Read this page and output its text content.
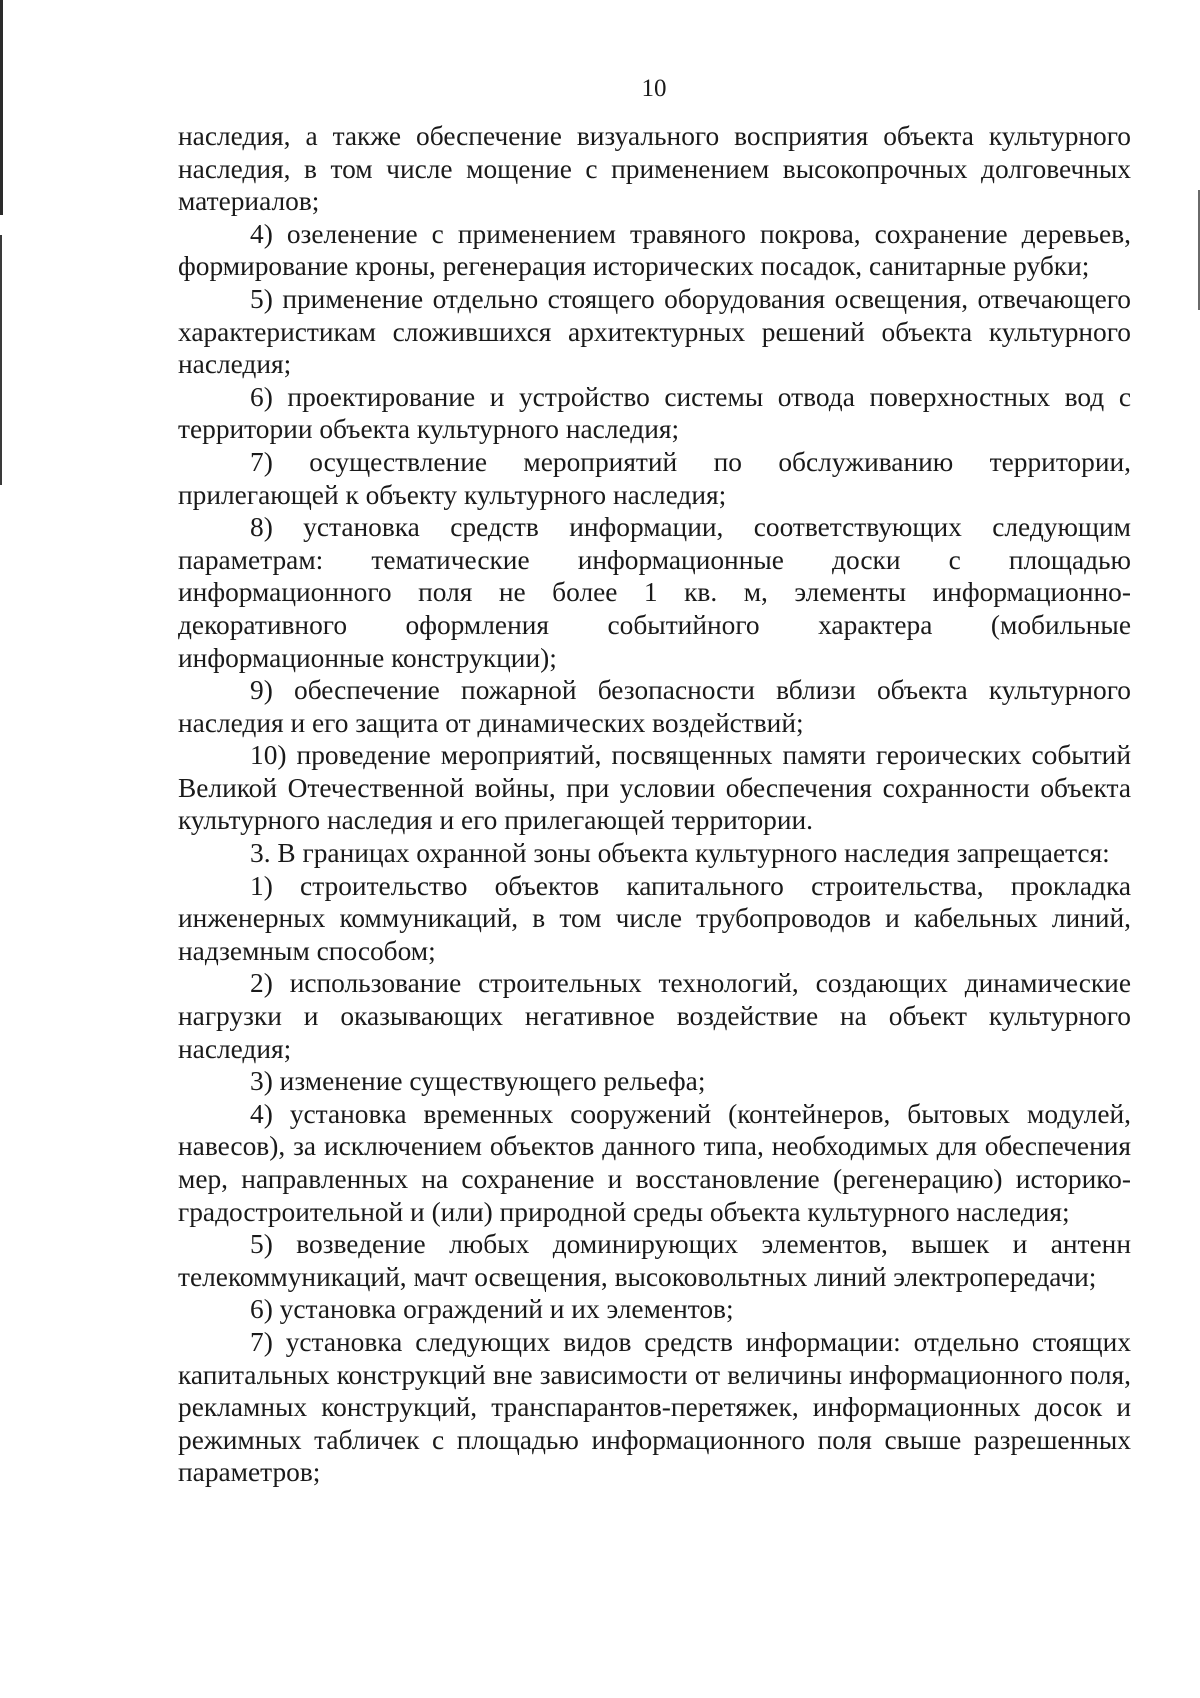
10

наследия, а также обеспечение визуального восприятия объекта культурного наследия, в том числе мощение с применением высокопрочных долговечных материалов;

4) озеленение с применением травяного покрова, сохранение деревьев, формирование кроны, регенерация исторических посадок, санитарные рубки;

5) применение отдельно стоящего оборудования освещения, отвечающего характеристикам сложившихся архитектурных решений объекта культурного наследия;

6) проектирование и устройство системы отвода поверхностных вод с территории объекта культурного наследия;

7) осуществление мероприятий по обслуживанию территории, прилегающей к объекту культурного наследия;

8) установка средств информации, соответствующих следующим параметрам: тематические информационные доски с площадью информационного поля не более 1 кв. м, элементы информационно-декоративного оформления событийного характера (мобильные информационные конструкции);

9) обеспечение пожарной безопасности вблизи объекта культурного наследия и его защита от динамических воздействий;

10) проведение мероприятий, посвященных памяти героических событий Великой Отечественной войны, при условии обеспечения сохранности объекта культурного наследия и его прилегающей территории.

3. В границах охранной зоны объекта культурного наследия запрещается:

1) строительство объектов капитального строительства, прокладка инженерных коммуникаций, в том числе трубопроводов и кабельных линий, надземным способом;

2) использование строительных технологий, создающих динамические нагрузки и оказывающих негативное воздействие на объект культурного наследия;

3) изменение существующего рельефа;

4) установка временных сооружений (контейнеров, бытовых модулей, навесов), за исключением объектов данного типа, необходимых для обеспечения мер, направленных на сохранение и восстановление (регенерацию) историко-градостроительной и (или) природной среды объекта культурного наследия;

5) возведение любых доминирующих элементов, вышек и антенн телекоммуникаций, мачт освещения, высоковольтных линий электропередачи;

6) установка ограждений и их элементов;

7) установка следующих видов средств информации: отдельно стоящих капитальных конструкций вне зависимости от величины информационного поля, рекламных конструкций, транспарантов-перетяжек, информационных досок и режимных табличек с площадью информационного поля свыше разрешенных параметров;
